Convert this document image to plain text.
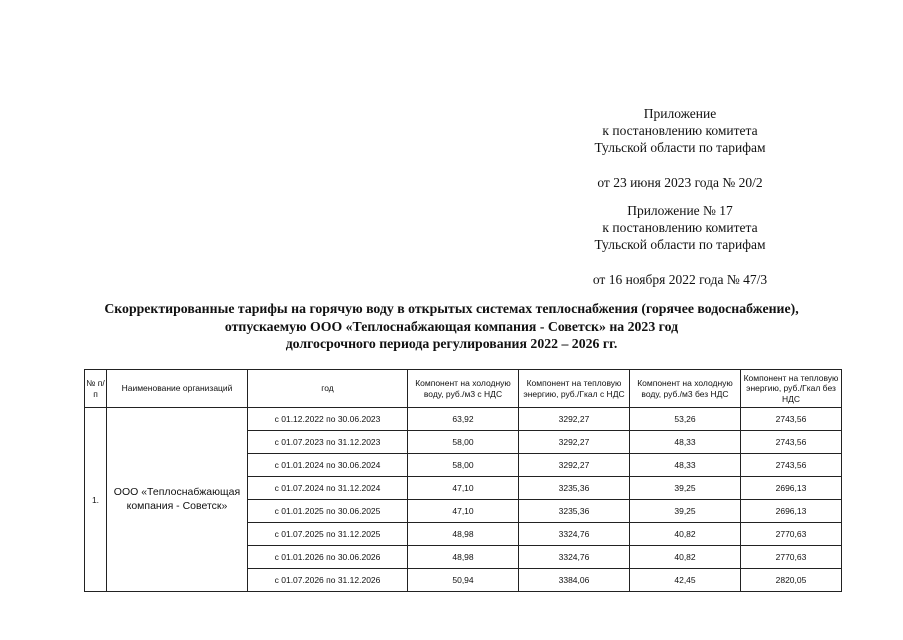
Приложение
к постановлению комитета
Тульской области по тарифам
от 23 июня 2023 года № 20/2
Приложение № 17
к постановлению комитета
Тульской области по тарифам
от 16 ноября 2022 года № 47/3
Скорректированные тарифы на горячую воду в открытых системах теплоснабжения (горячее водоснабжение),
отпускаемую ООО «Теплоснабжающая компания - Советск» на 2023 год
долгосрочного периода регулирования 2022 – 2026 гг.
№ п/п	Наименование организаций	год	Компонент на холодную воду, руб./м3 с НДС	Компонент на тепловую энергию, руб./Гкал с НДС	Компонент на холодную воду, руб./м3 без НДС	Компонент на тепловую энергию, руб./Гкал без НДС
1.	ООО «Теплоснабжающая компания - Советск»	с 01.12.2022 по 30.06.2023	63,92	3292,27	53,26	2743,56
		с 01.07.2023 по 31.12.2023	58,00	3292,27	48,33	2743,56
		с 01.01.2024 по 30.06.2024	58,00	3292,27	48,33	2743,56
		с 01.07.2024 по 31.12.2024	47,10	3235,36	39,25	2696,13
		с 01.01.2025 по 30.06.2025	47,10	3235,36	39,25	2696,13
		с 01.07.2025 по 31.12.2025	48,98	3324,76	40,82	2770,63
		с 01.01.2026 по 30.06.2026	48,98	3324,76	40,82	2770,63
		с 01.07.2026 по 31.12.2026	50,94	3384,06	42,45	2820,05
